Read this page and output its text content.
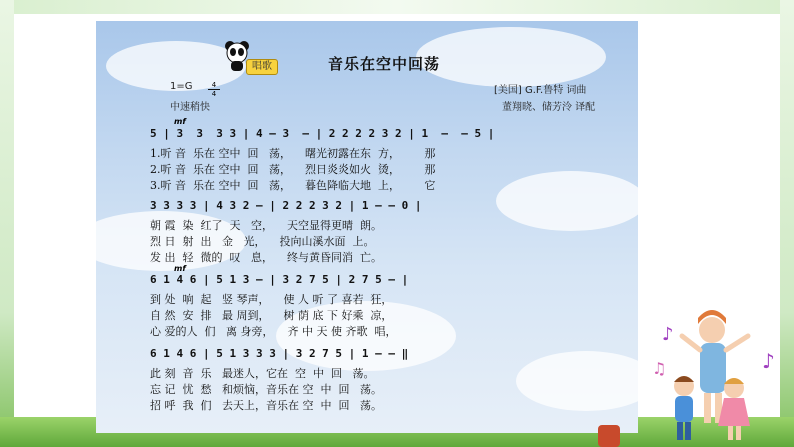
唱歌	音乐在空中回荡
1=G	4
4
中速稍快
[美国] G.F.鲁特 词曲
董翔晓、储芳泠 译配
mf
5 | 3  3  3 3 | 4 — 3  — | 2 2 2 2 3 2 | 1  —  — 5 |
1.听 音  乐在 空中  回   荡，    曙光初露在东  方，       那
2.听 音  乐在 空中  回   荡，    烈日炎炎如火  烫，       那
3.听 音  乐在 空中  回   荡，    暮色降临大地  上，       它
3 3 3 3 | 4 3 2 — | 2 2 2 3 2 | 1 — — 0 |
朝 霞  染  红了  天   空，    天空显得更晴  朗。
烈 日  射  出   金   光，    投向山溪水面  上。
发 出  轻  微的  叹   息，    终与黄昏同消  亡。
mf
6 1 4 6 | 5 1 3 — | 3 2 7 5 | 2 7 5 — |
到 处  响  起   竖 琴声，    使 人 听 了 喜若  狂，
自 然  安  排   最 周到，    树 荫 底 下 好乘  凉，
心 爱的人  们   离 身旁，    齐 中 天 使 齐歌  唱，
6 1 4 6 | 5 1 3 3 3 | 3 2 7 5 | 1 — — ‖
此 刻  音  乐   最迷人，它在  空  中  回   荡。
忘 记  忧  愁   和烦恼，音乐在 空  中  回   荡。
招 呼  我  们   去天上，音乐在 空  中  回   荡。
♪
♪
♫
